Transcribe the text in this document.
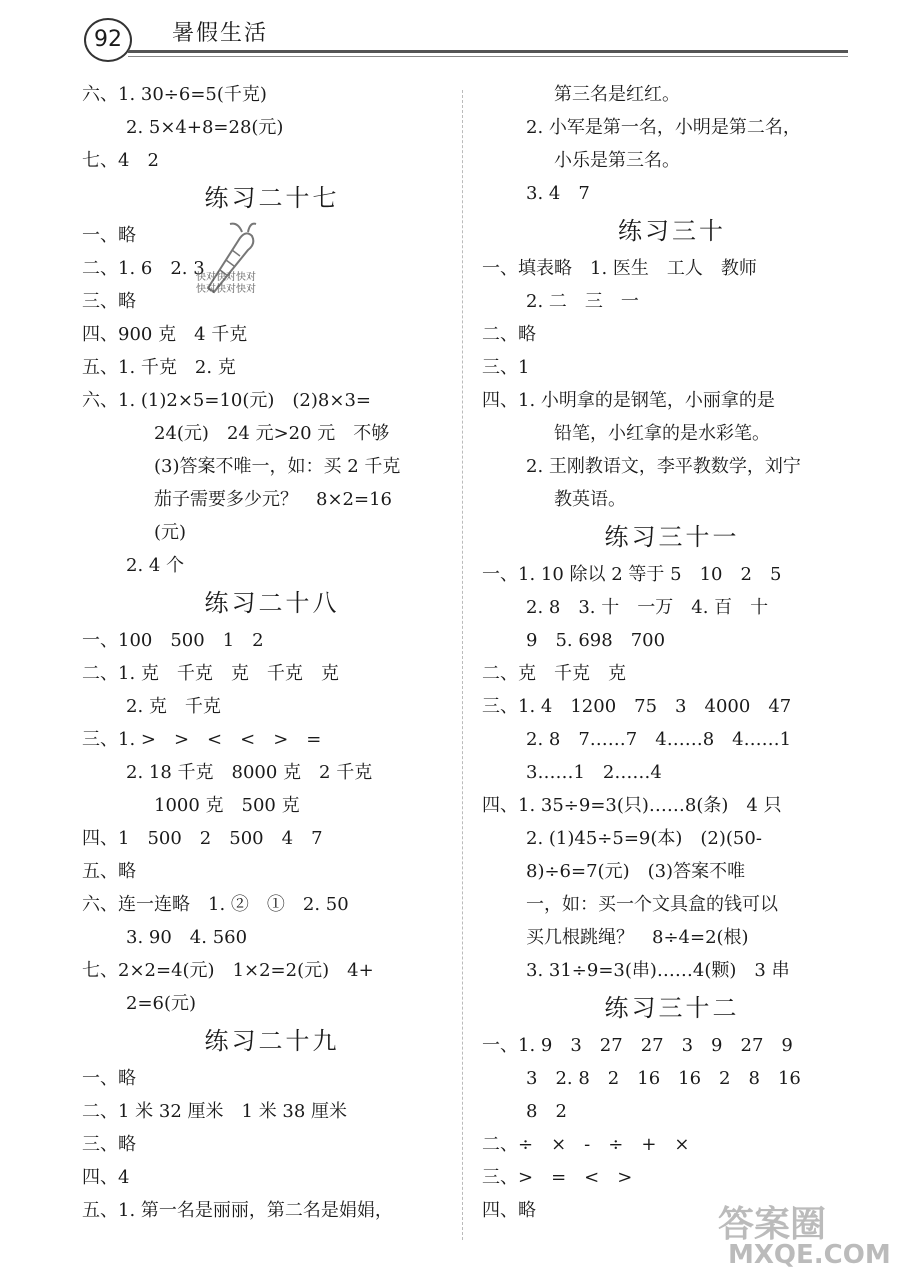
92	暑假生活
六、1. 30÷6=5(千克)
2. 5×4+8=28(元)
七、4　2
练习二十七
一、略
二、1. 6　2. 3
三、略
四、900 克　4 千克
五、1. 千克　2. 克
六、1. (1)2×5=10(元)　(2)8×3=
24(元)　24 元>20 元　不够
(3)答案不唯一，如：买 2 千克
茄子需要多少元？　8×2=16
(元)
2. 4 个
练习二十八
一、100　500　1　2
二、1. 克　千克　克　千克　克
2. 克　千克
三、1. >　>　<　<　>　=
2. 18 千克　8000 克　2 千克
1000 克　500 克
四、1　500　2　500　4　7
五、略
六、连一连略　1. ②　①　2. 50
3. 90　4. 560
七、2×2=4(元)　1×2=2(元)　4+
2=6(元)
练习二十九
一、略
二、1 米 32 厘米　1 米 38 厘米
三、略
四、4
五、1. 第一名是丽丽，第二名是娟娟，
第三名是红红。
2. 小军是第一名，小明是第二名，
小乐是第三名。
3. 4　7
练习三十
一、填表略　1. 医生　工人　教师
2. 二　三　一
二、略
三、1
四、1. 小明拿的是钢笔，小丽拿的是
铅笔，小红拿的是水彩笔。
2. 王刚教语文，李平教数学，刘宁
教英语。
练习三十一
一、1. 10 除以 2 等于 5　10　2　5
2. 8　3. 十　一万　4. 百　十
9　5. 698　700
二、克　千克　克
三、1. 4　1200　75　3　4000　47
2. 8　7……7　4……8　4……1
3……1　2……4
四、1. 35÷9=3(只)……8(条)　4 只
2. (1)45÷5=9(本)　(2)(50-
8)÷6=7(元)　(3)答案不唯
一，如：买一个文具盒的钱可以
买几根跳绳？　8÷4=2(根)
3. 31÷9=3(串)……4(颗)　3 串
练习三十二
一、1. 9　3　27　27　3　9　27　9
3　2. 8　2　16　16　2　8　16
8　2
二、÷　×　-　÷　+　×
三、>　=　<　>
四、略
快对快对快对
快对快对快对
答案圈
MXQE.COM
